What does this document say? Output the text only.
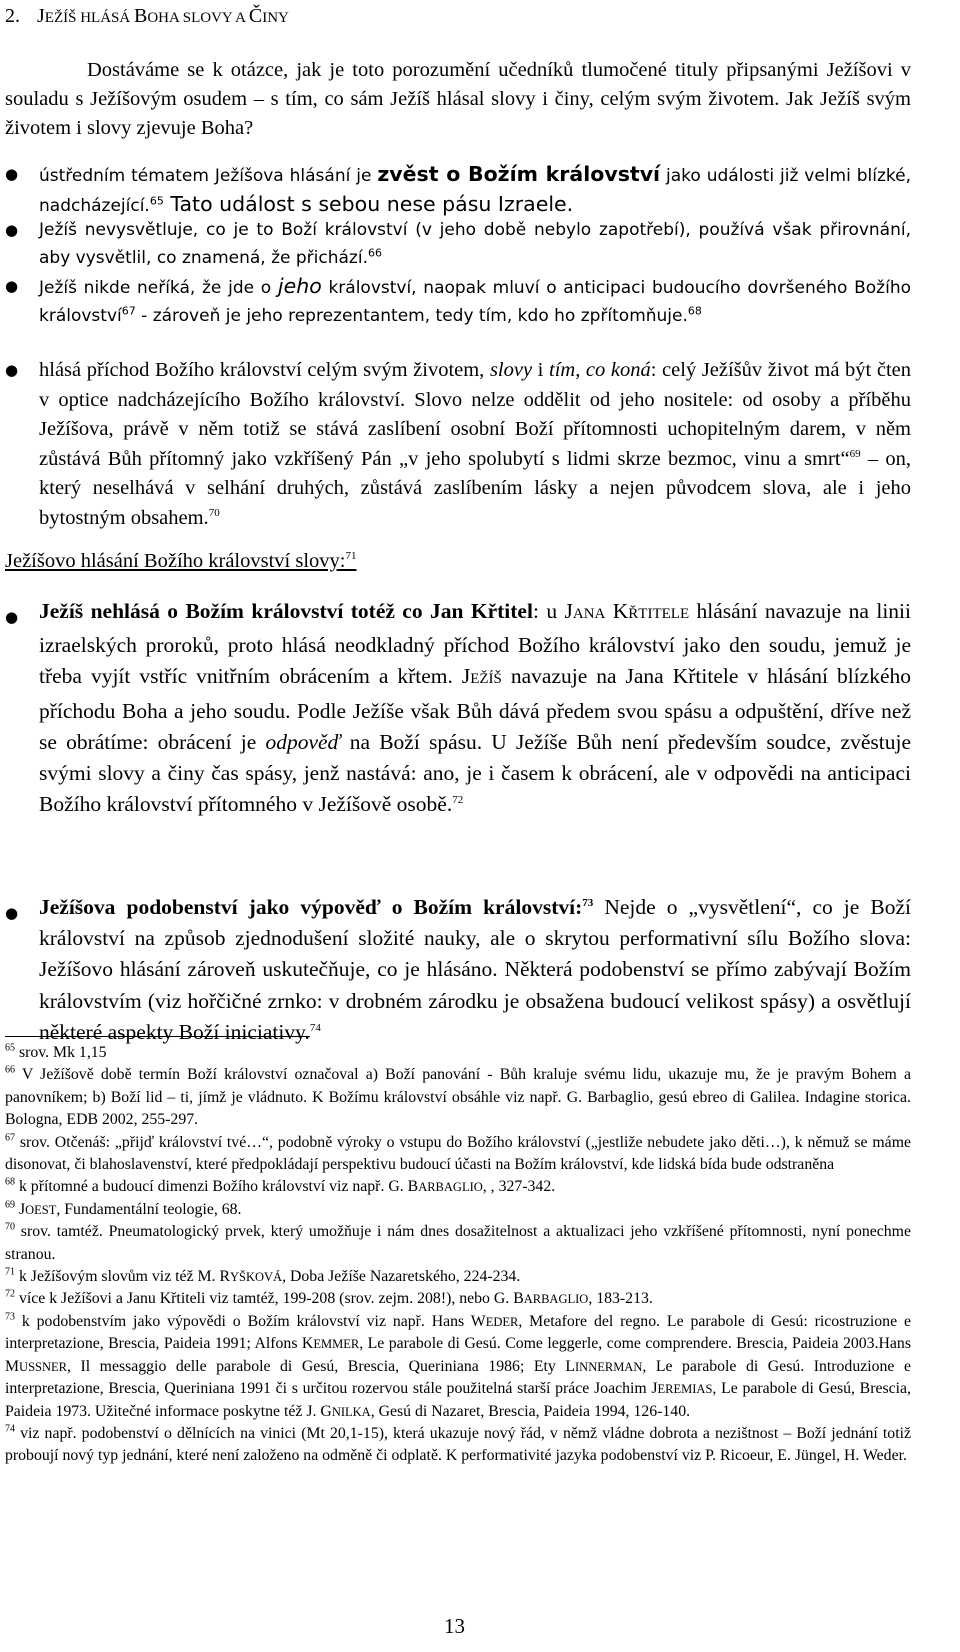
2. JEŽÍŠ HLÁSÁ BOHA SLOVY A ČINY
Dostáváme se k otázce, jak je toto porozumění učedníků tlumočené tituly připsanými Ježíšovi v souladu s Ježíšovým osudem – s tím, co sám Ježíš hlásal slovy i činy, celým svým životem. Jak Ježíš svým životem i slovy zjevuje Boha?
● ústředním tématem Ježíšova hlásání je zvěst o Božím království jako události již velmi blízké, nadcházející.$^{65}$ Tato událost s sebou nese pásu Izraele.
● Ježíš nevysvětluje, co je to Boží království (v jeho době nebylo zapotřebí), používá však přirovnání, aby vysvětlil, co znamená, že přichází.$^{66}$
● Ježíš nikde neříká, že jde o jeho království, naopak mluví o anticipaci budoucího dovršeného Božího království$^{67}$ - zároveň je jeho reprezentantem, tedy tím, kdo ho zpřítomňuje.$^{68}$
● hlásá příchod Božího království celým svým životem, slovy i tím, co koná: celý Ježíšův život má být čten v optice nadcházejícího Božího království. Slovo nelze oddělit od jeho nositele: od osoby a příběhu Ježíšova, právě v něm totiž se stává zaslíbení osobní Boží přítomnosti uchopitelným darem, v něm zůstává Bůh přítomný jako vzkříšený Pán „v jeho spolubytí s lidmi skrze bezmoc, vinu a smrt“$^{69}$ – on, který neselhává v selhání druhých, zůstává zaslíbením lásky a nejen původcem slova, ale i jeho bytostným obsahem.$^{70}$
Ježíšovo hlásání Božího království slovy:$^{71}$
● Ježíš nehlásá o Božím království totéž co Jan Křtitel: u JANA KŘTITELE hlásání navazuje na linii izraelských proroků, proto hlásá neodkladný příchod Božího království jako den soudu, jemuž je třeba vyjít vstříc vnitřním obrácením a křtem. JEŽÍŠ navazuje na Jana Křtitele v hlásání blízkého příchodu Boha a jeho soudu. Podle Ježíše však Bůh dává předem svou spásu a odpuštění, dříve než se obrátíme: obrácení je odpověď na Boží spásu. U Ježíše Bůh není především soudce, zvěstuje svými slovy a činy čas spásy, jenž nastává: ano, je i časem k obrácení, ale v odpovědi na anticipaci Božího království přítomného v Ježíšově osobě.$^{72}$
● Ježíšova podobenství jako výpověď o Božím království:$^{73}$ Nejde o „vysvětlení“, co je Boží království na způsob zjednodušení složité nauky, ale o skrytou performativní sílu Božího slova: Ježíšovo hlásání zároveň uskutečňuje, co je hlásáno. Některá podobenství se přímo zabývají Božím královstvím (viz hořčičné zrnko: v drobném zárodku je obsažena budoucí velikost spásy) a osvětlují některé aspekty Boží iniciativy.$^{74}$

$^{65}$ srov. Mk 1,15

$^{66}$ V Ježíšově době termín Boží království označoval a) Boží panování - Bůh kraluje svému lidu, ukazuje mu, že je pravým Bohem a panovníkem; b) Boží lid – ti, jímž je vládnuto. K Božímu království obsáhle viz např. G. Barbaglio, gesú ebreo di Galilea. Indagine storica. Bologna, EDB 2002, 255-297.

$^{67}$ srov. Otčenáš: „přijď království tvé…“, podobně výroky o vstupu do Božího království („jestliže nebudete jako děti…), k němuž se máme disonovat, či blahoslavenství, které předpokládají perspektivu budoucí účasti na Božím království, kde lidská bída bude odstraněna

$^{68}$ k přítomné a budoucí dimenzi Božího království viz např. G. BARBAGLIO, , 327-342.

$^{69}$ JOEST, Fundamentální teologie, 68.

$^{70}$ srov. tamtéž. Pneumatologický prvek, který umožňuje i nám dnes dosažitelnost a aktualizaci jeho vzkříšené přítomnosti, nyní ponechme stranou.

$^{71}$ k Ježíšovým slovům viz též M. RYŠKOVÁ, Doba Ježíše Nazaretského, 224-234.

$^{72}$ více k Ježíšovi a Janu Křtiteli viz tamtéž, 199-208 (srov. zejm. 208!), nebo G. BARBAGLIO, 183-213.

$^{73}$ k podobenstvím jako výpovědi o Božím království viz např. Hans WEDER, Metafore del regno. Le parabole di Gesú: ricostruzione e interpretazione, Brescia, Paideia 1991; Alfons KEMMER, Le parabole di Gesú. Come leggerle, come comprendere. Brescia, Paideia 2003.Hans MUSSNER, Il messaggio delle parabole di Gesú, Brescia, Queriniana 1986; Ety LINNERMAN, Le parabole di Gesú. Introduzione e interpretazione, Brescia, Queriniana 1991 či s určitou rozervou stále použitelná starší práce Joachim JEREMIAS, Le parabole di Gesú, Brescia, Paideia 1973. Užitečné informace poskytne též J. GNILKA, Gesú di Nazaret, Brescia, Paideia 1994, 126-140.

$^{74}$ viz např. podobenství o dělnících na vinici (Mt 20,1-15), která ukazuje nový řád, v němž vládne dobrota a nezištnost – Boží jednání totiž proboují nový typ jednání, které není založeno na odměně či odplatě. K performativité jazyka podobenství viz P. Ricoeur, E. Jüngel, H. Weder.

13
